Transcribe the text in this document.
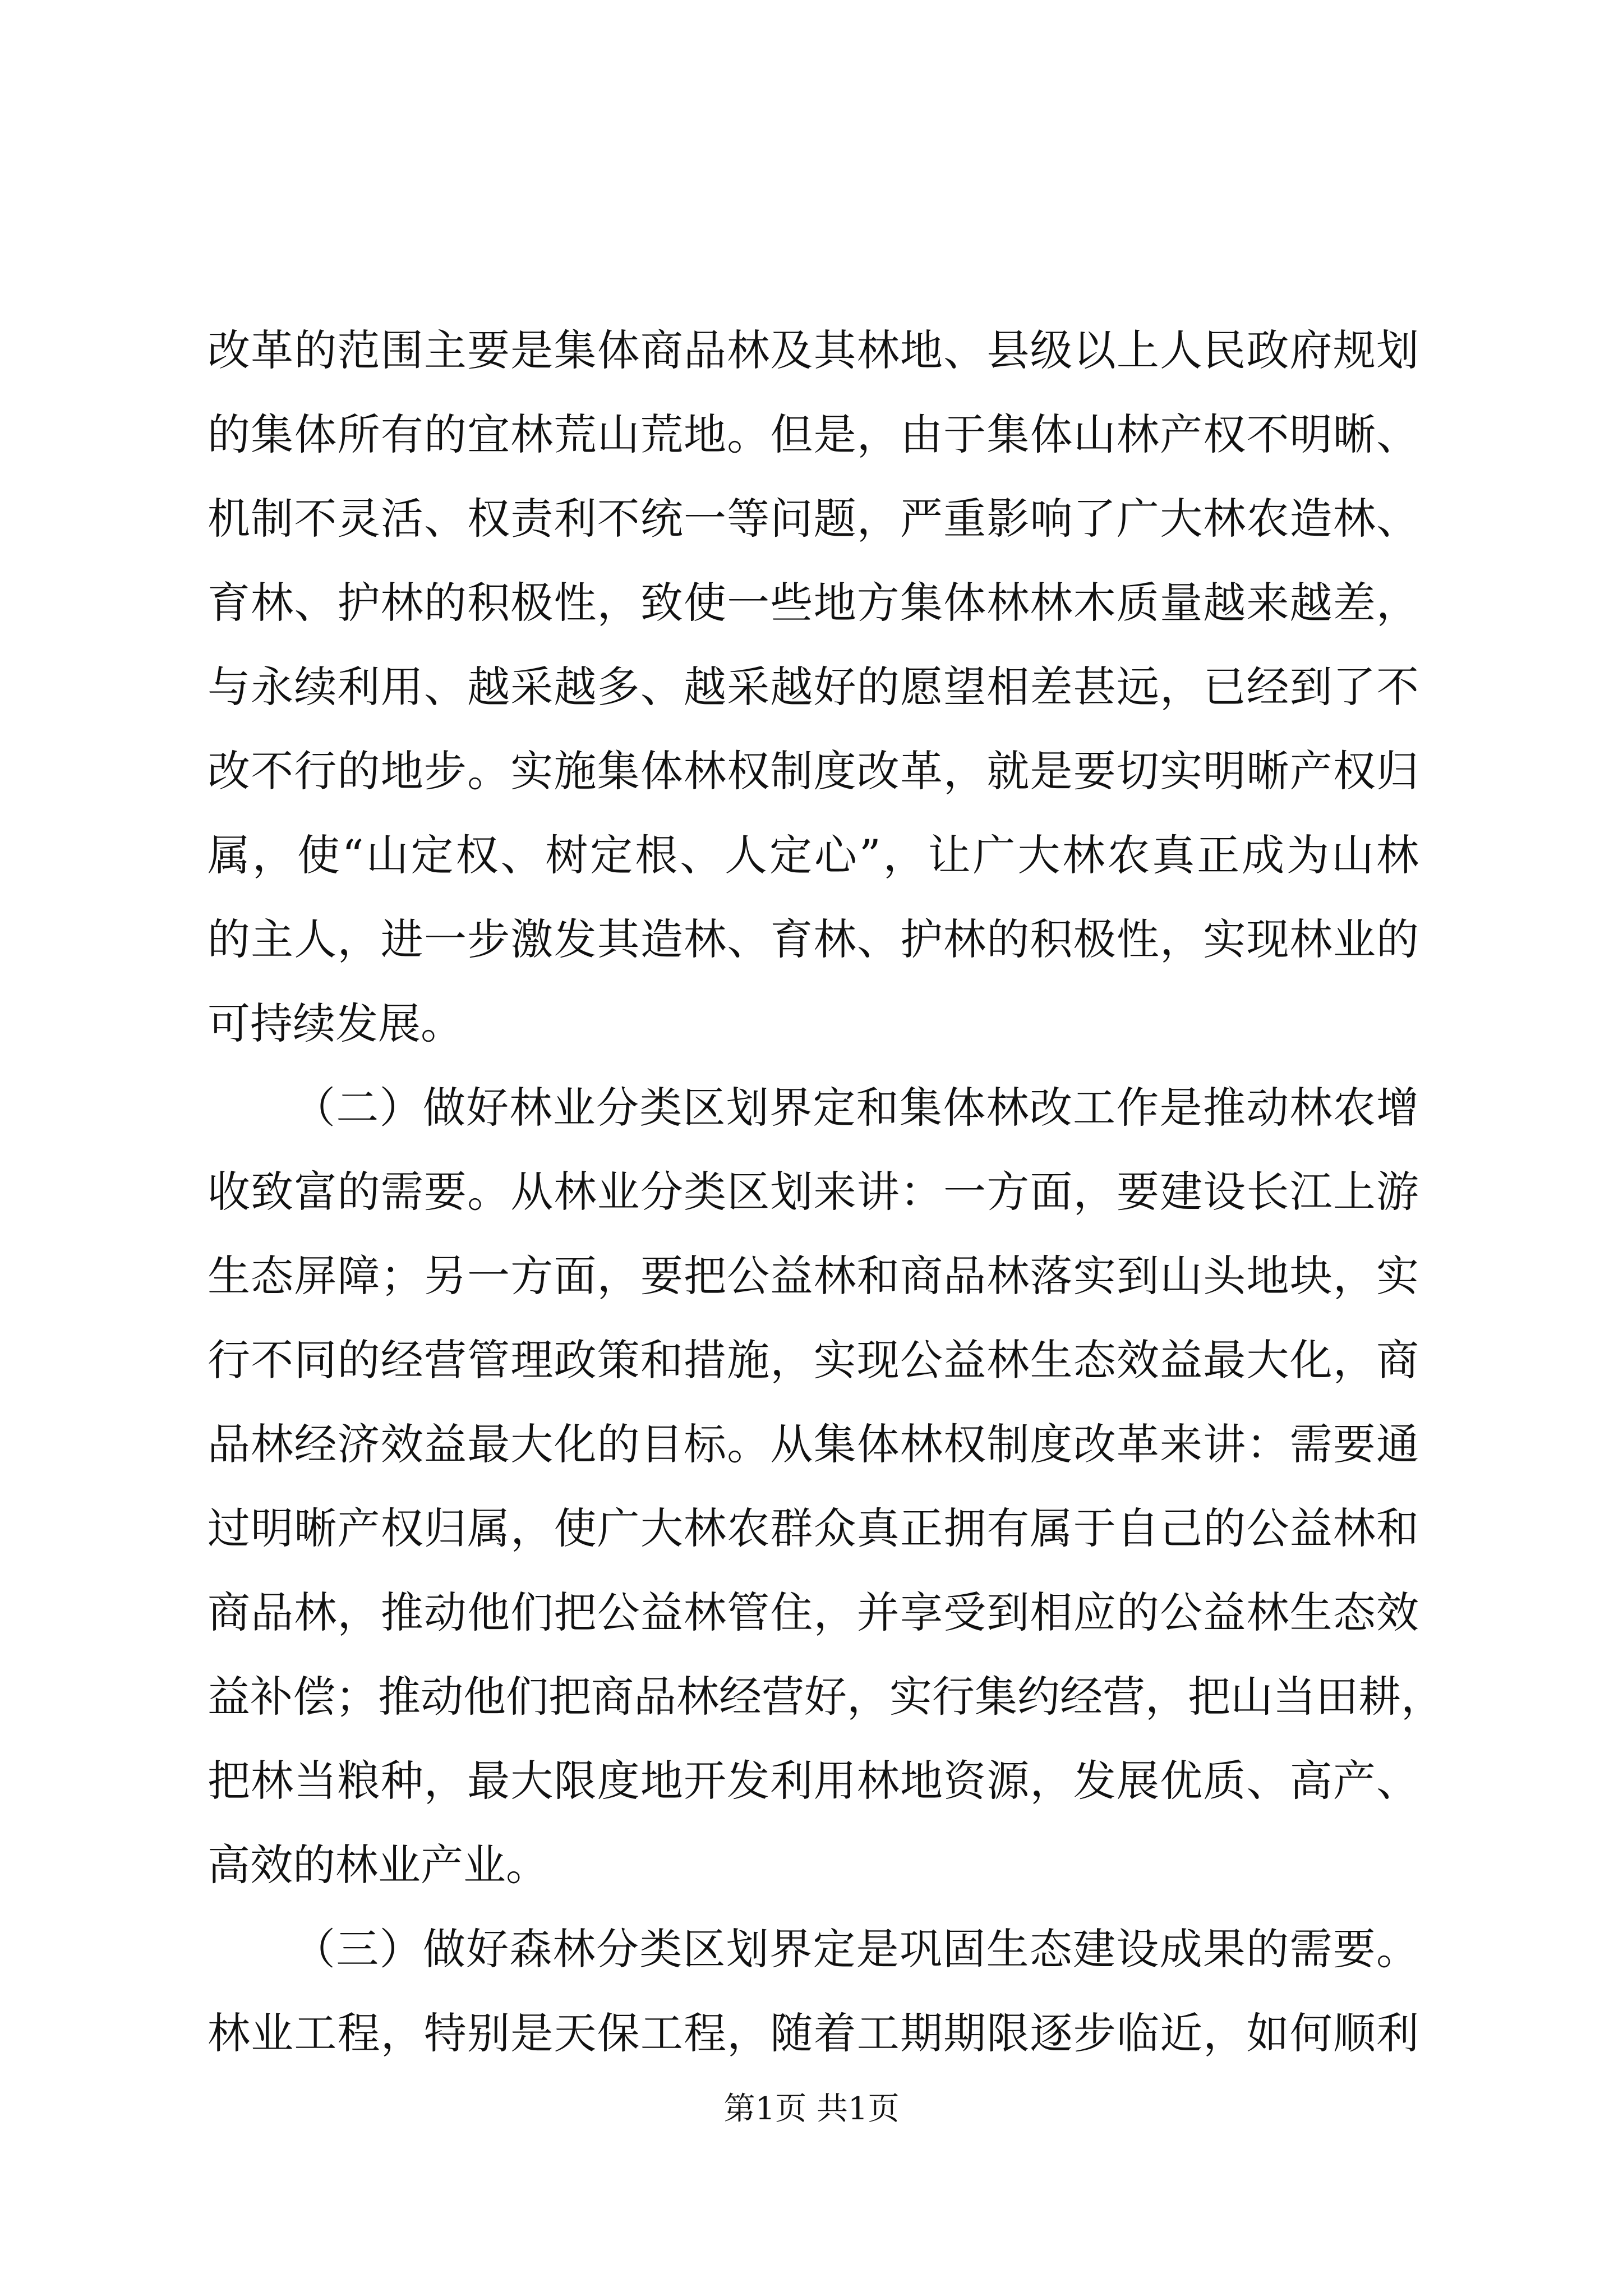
改革的范围主要是集体商品林及其林地、县级以上人民政府规划
的集体所有的宜林荒山荒地。但是，由于集体山林产权不明晰、
机制不灵活、权责利不统一等问题，严重影响了广大林农造林、
育林、护林的积极性，致使一些地方集体林林木质量越来越差，
与永续利用、越采越多、越采越好的愿望相差甚远，已经到了不
改不行的地步。实施集体林权制度改革，就是要切实明晰产权归
属，使“山定权、树定根、人定心”，让广大林农真正成为山林
的主人，进一步激发其造林、育林、护林的积极性，实现林业的
可持续发展。
（二）做好林业分类区划界定和集体林改工作是推动林农增
收致富的需要。从林业分类区划来讲：一方面，要建设长江上游
生态屏障；另一方面，要把公益林和商品林落实到山头地块，实
行不同的经营管理政策和措施，实现公益林生态效益最大化，商
品林经济效益最大化的目标。从集体林权制度改革来讲：需要通
过明晰产权归属，使广大林农群众真正拥有属于自己的公益林和
商品林，推动他们把公益林管住，并享受到相应的公益林生态效
益补偿；推动他们把商品林经营好，实行集约经营，把山当田耕，
把林当粮种，最大限度地开发利用林地资源，发展优质、高产、
高效的林业产业。
（三）做好森林分类区划界定是巩固生态建设成果的需要。
林业工程，特别是天保工程，随着工期期限逐步临近，如何顺利
第1页 共1页
